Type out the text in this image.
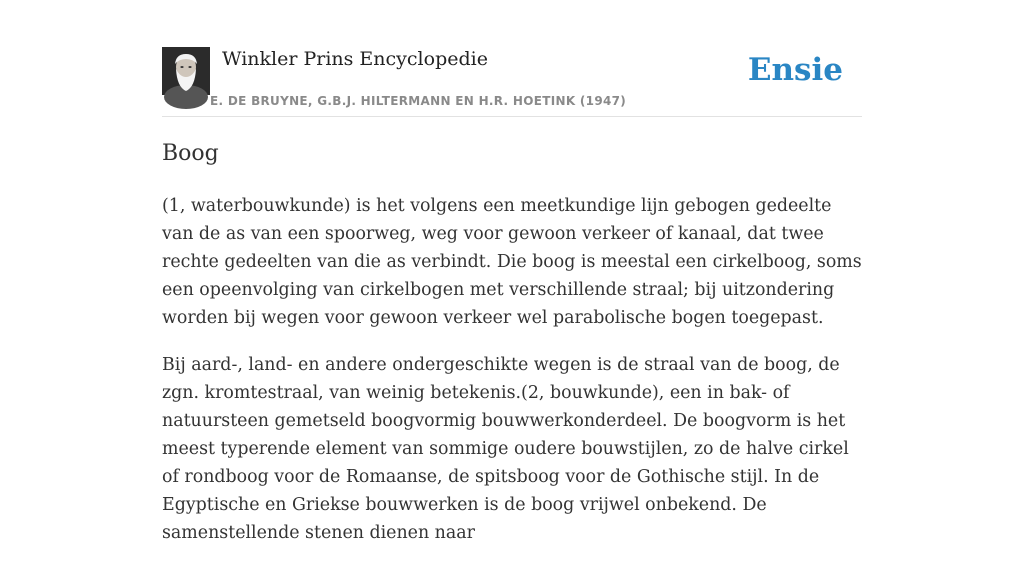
Winkler Prins Encyclopedie
E. DE BRUYNE, G.B.J. HILTERMANN EN H.R. HOETINK (1947)
Ensie
Boog

(1, waterbouwkunde) is het volgens een meetkundige lijn gebogen gedeelte van de as van een spoorweg, weg voor gewoon verkeer of kanaal, dat twee rechte gedeelten van die as verbindt. Die boog is meestal een cirkelboog, soms een opeenvolging van cirkelbogen met verschillende straal; bij uitzondering worden bij wegen voor gewoon verkeer wel parabolische bogen toegepast.

Bij aard-, land- en andere ondergeschikte wegen is de straal van de boog, de zgn. kromtestraal, van weinig betekenis.(2, bouwkunde), een in bak- of natuursteen gemetseld boogvormig bouwwerkonderdeel. De boogvorm is het meest typerende element van sommige oudere bouwstijlen, zo de halve cirkel of rondboog voor de Romaanse, de spitsboog voor de Gothische stijl. In de Egyptische en Griekse bouwwerken is de boog vrijwel onbekend. De samenstellende stenen dienen naar
